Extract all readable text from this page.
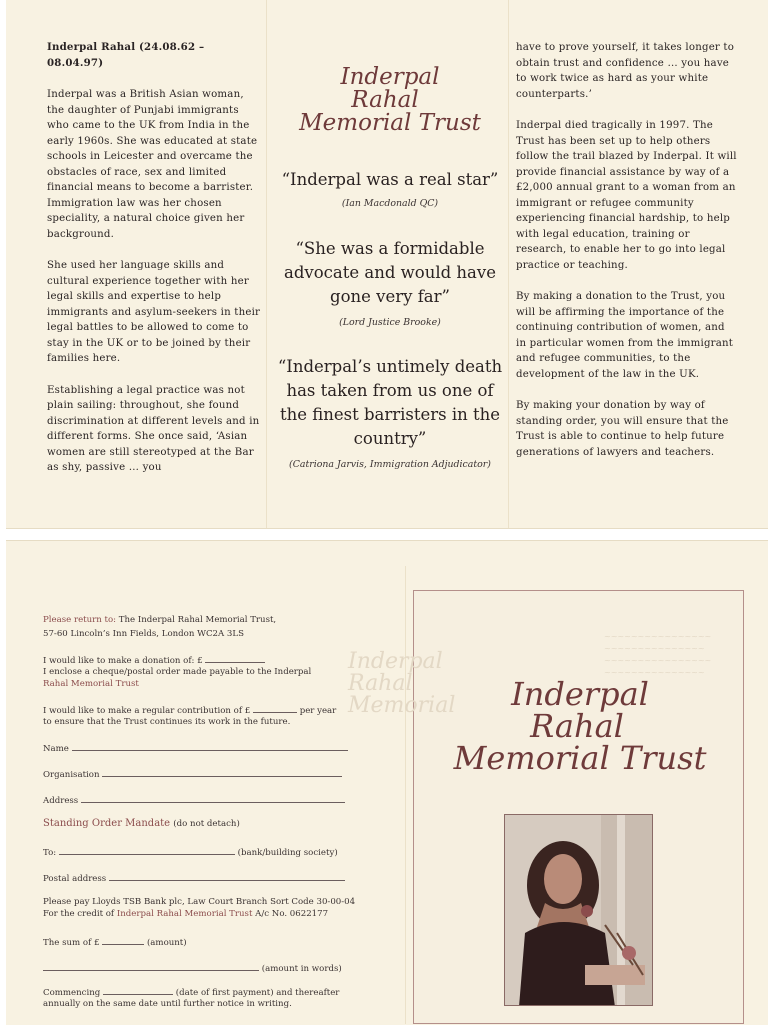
Inderpal Rahal (24.08.62 – 08.04.97)

Inderpal was a British Asian woman, the daughter of Punjabi immigrants who came to the UK from India in the early 1960s. She was educated at state schools in Leicester and overcame the obstacles of race, sex and limited financial means to become a barrister. Immigration law was her chosen speciality, a natural choice given her background.

She used her language skills and cultural experience together with her legal skills and expertise to help immigrants and asylum-seekers in their legal battles to be allowed to come to stay in the UK or to be joined by their families here.

Establishing a legal practice was not plain sailing: throughout, she found discrimination at different levels and in different forms. She once said, ‘Asian women are still stereotyped at the Bar as shy, passive … you

Inderpal
Rahal
Memorial Trust
“Inderpal was a real star”
(Ian Macdonald QC)
“She was a formidable advocate and would have gone very far”
(Lord Justice Brooke)
“Inderpal’s untimely death has taken from us one of the finest barristers in the country”
(Catriona Jarvis, Immigration Adjudicator)

have to prove yourself, it takes longer to obtain trust and confidence … you have to work twice as hard as your white counterparts.’

Inderpal died tragically in 1997. The Trust has been set up to help others follow the trail blazed by Inderpal. It will provide financial assistance by way of a £2,000 annual grant to a woman from an immigrant or refugee community experiencing financial hardship, to help with legal education, training or research, to enable her to go into legal practice or teaching.

By making a donation to the Trust, you will be affirming the importance of the continuing contribution of women, and in particular women from the immigrant and refugee communities, to the development of the law in the UK.

By making your donation by way of standing order, you will ensure that the Trust is able to continue to help future generations of lawyers and teachers.

Please return to: The Inderpal Rahal Memorial Trust,
57-60 Lincoln’s Inn Fields, London WC2A 3LS
I would like to make a donation of: £
I enclose a cheque/postal order made payable to the Inderpal
Rahal Memorial Trust
I would like to make a regular contribution of £	per year
to ensure that the Trust continues its work in the future.
Name
Organisation
Address
Standing Order Mandate (do not detach)
To:	(bank/building society)
Postal address
Please pay Lloyds TSB Bank plc, Law Court Branch Sort Code 30-00-04
For the credit of Inderpal Rahal Memorial Trust A/c No. 0622177
The sum of £	(amount)
(amount in words)
Commencing	(date of first payment) and thereafter
annually on the same date until further notice in writing.
Inderpal
Rahal
Memorial
~~~~~~~~~~~~~~~~
~~~~~~~~~~~~~~~
~~~~~~~~~~~~~~~~
~~~~~~~~~~~~~~~
Inderpal
Rahal
Memorial Trust
